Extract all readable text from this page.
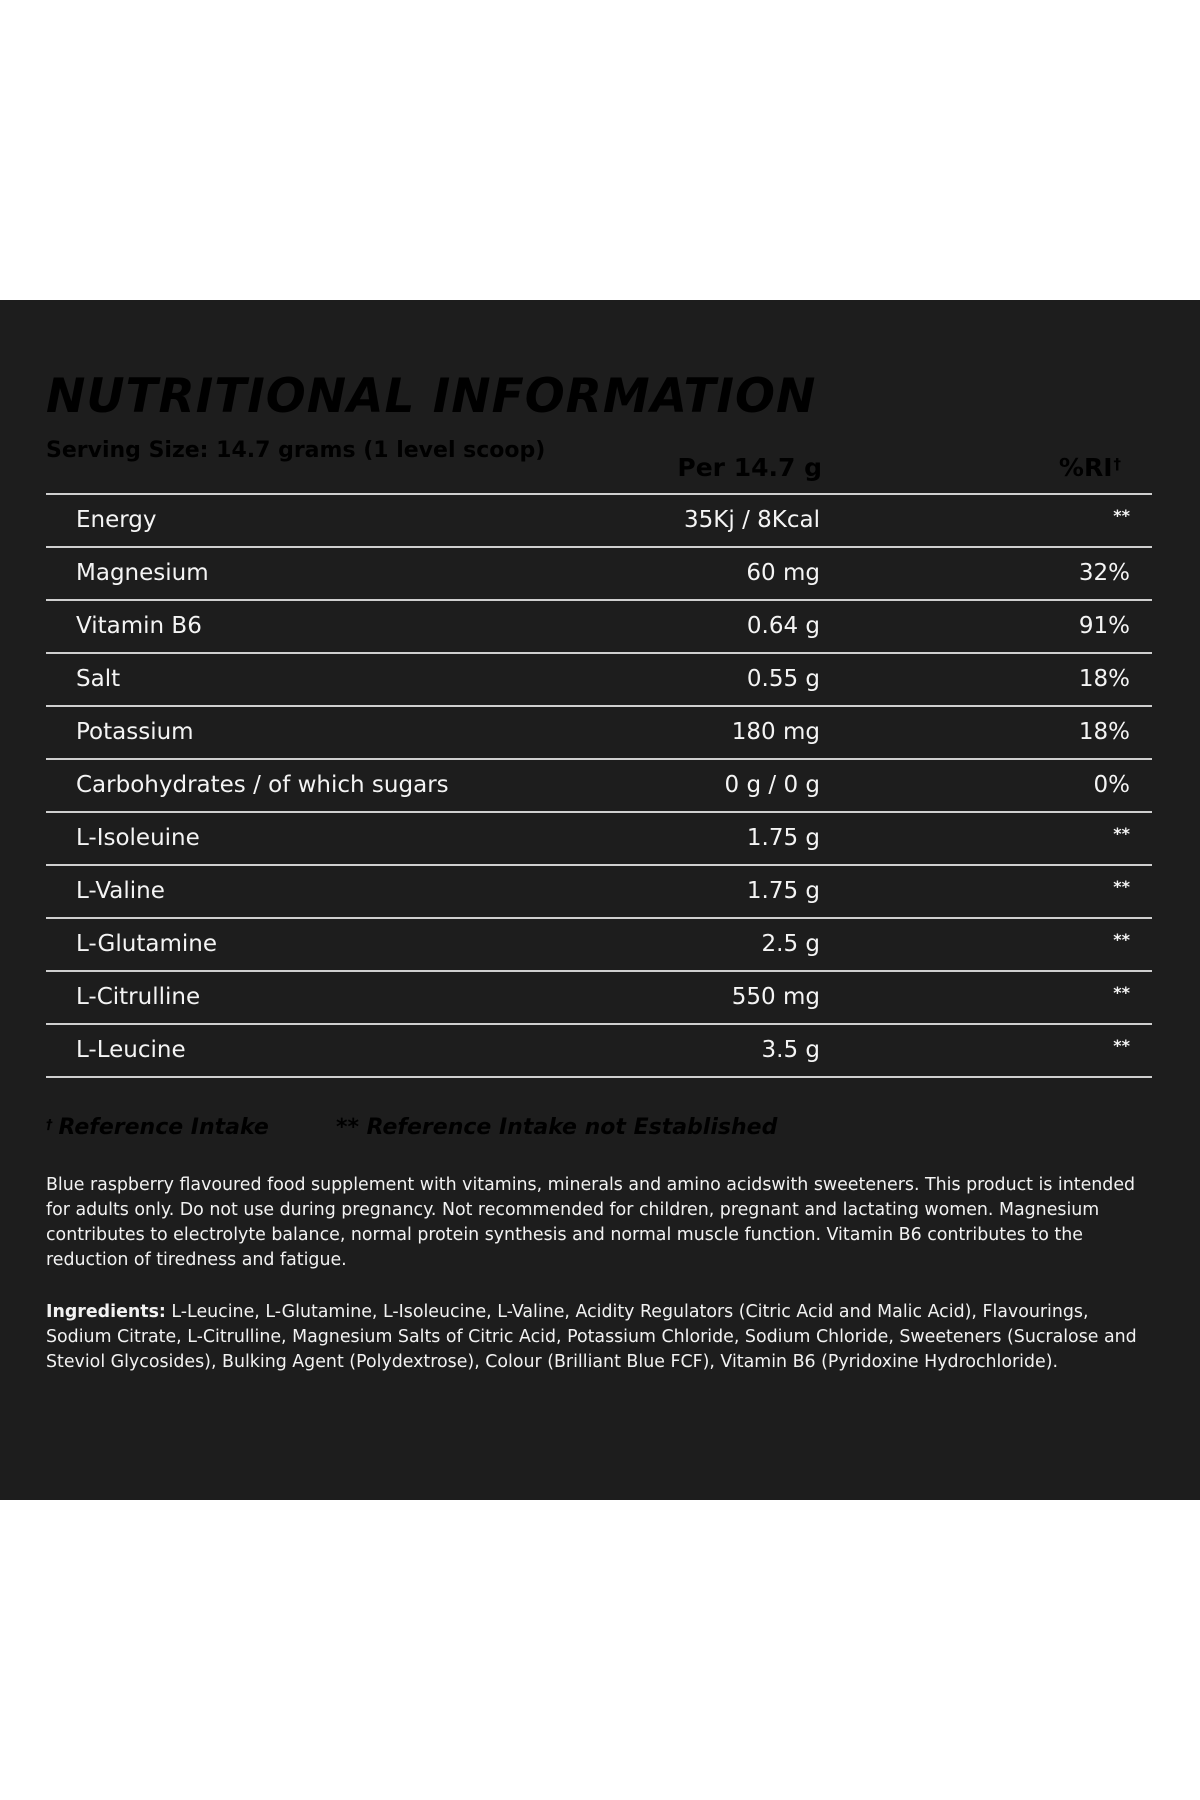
NUTRITIONAL INFORMATION
Serving Size: 14.7 grams (1 level scoop)
Per 14.7 g	%RI†
Energy	35Kj / 8Kcal	**
Magnesium	60 mg	32%
Vitamin B6	0.64 g	91%
Salt	0.55 g	18%
Potassium	180 mg	18%
Carbohydrates / of which sugars	0 g / 0 g	0%
L-Isoleuine	1.75 g	**
L-Valine	1.75 g	**
L-Glutamine	2.5 g	**
L-Citrulline	550 mg	**
L-Leucine	3.5 g	**
† Reference Intake	** Reference Intake not Established

Blue raspberry flavoured food supplement with vitamins, minerals and amino acidswith sweeteners. This product is intended for adults only. Do not use during pregnancy. Not recommended for children, pregnant and lactating women. Magnesium contributes to electrolyte balance, normal protein synthesis and normal muscle function. Vitamin B6 contributes to the reduction of tiredness and fatigue.

Ingredients: L-Leucine, L-Glutamine, L-Isoleucine, L-Valine, Acidity Regulators (Citric Acid and Malic Acid), Flavourings, Sodium Citrate, L-Citrulline, Magnesium Salts of Citric Acid, Potassium Chloride, Sodium Chloride, Sweeteners (Sucralose and Steviol Glycosides), Bulking Agent (Polydextrose), Colour (Brilliant Blue FCF), Vitamin B6 (Pyridoxine Hydrochloride).
